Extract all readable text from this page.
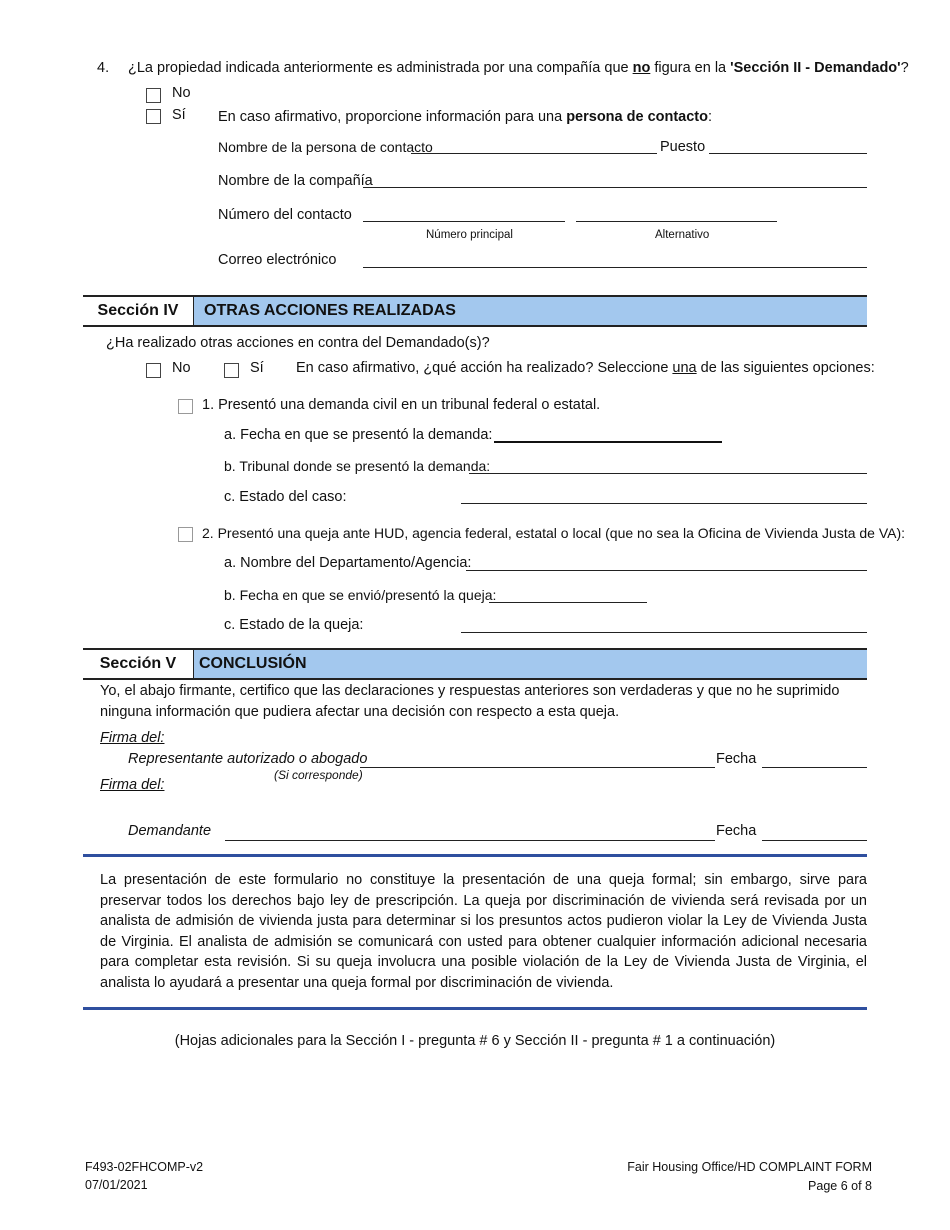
4. ¿La propiedad indicada anteriormente es administrada por una compañía que no figura en la 'Sección II - Demandado'?
No
Sí En caso afirmativo, proporcione información para una persona de contacto:
Nombre de la persona de contacto	Puesto
Nombre de la compañía
Número del contacto
Número principal	Alternativo
Correo electrónico
Sección IV	OTRAS ACCIONES REALIZADAS
¿Ha realizado otras acciones en contra del Demandado(s)?
No	Sí En caso afirmativo, ¿qué acción ha realizado? Seleccione una de las siguientes opciones:
1. Presentó una demanda civil en un tribunal federal o estatal.
a. Fecha en que se presentó la demanda:
b. Tribunal donde se presentó la demanda:
c. Estado del caso:
2. Presentó una queja ante HUD, agencia federal, estatal o local (que no sea la Oficina de Vivienda Justa de VA):
a. Nombre del Departamento/Agencia:
b. Fecha en que se envió/presentó la queja:
c. Estado de la queja:
Sección V	CONCLUSIÓN
Yo, el abajo firmante, certifico que las declaraciones y respuestas anteriores son verdaderas y que no he suprimido
ninguna información que pudiera afectar una decisión con respecto a esta queja.
Firma del:
Representante autorizado o abogado	Fecha
(Si corresponde)
Firma del:
Demandante	Fecha
La presentación de este formulario no constituye la presentación de una queja formal; sin embargo, sirve para preservar todos los derechos bajo ley de prescripción. La queja por discriminación de vivienda será revisada por un analista de admisión de vivienda justa para determinar si los presuntos actos pudieron violar la Ley de Vivienda Justa de Virginia. El analista de admisión se comunicará con usted para obtener cualquier información adicional necesaria para completar esta revisión. Si su queja involucra una posible violación de la Ley de Vivienda Justa de Virginia, el analista lo ayudará a presentar una queja formal por discriminación de vivienda.
(Hojas adicionales para la Sección I - pregunta # 6 y Sección II - pregunta # 1 a continuación)
F493-02FHCOMP-v2
07/01/2021
Fair Housing Office/HD COMPLAINT FORM
Page 6 of 8
